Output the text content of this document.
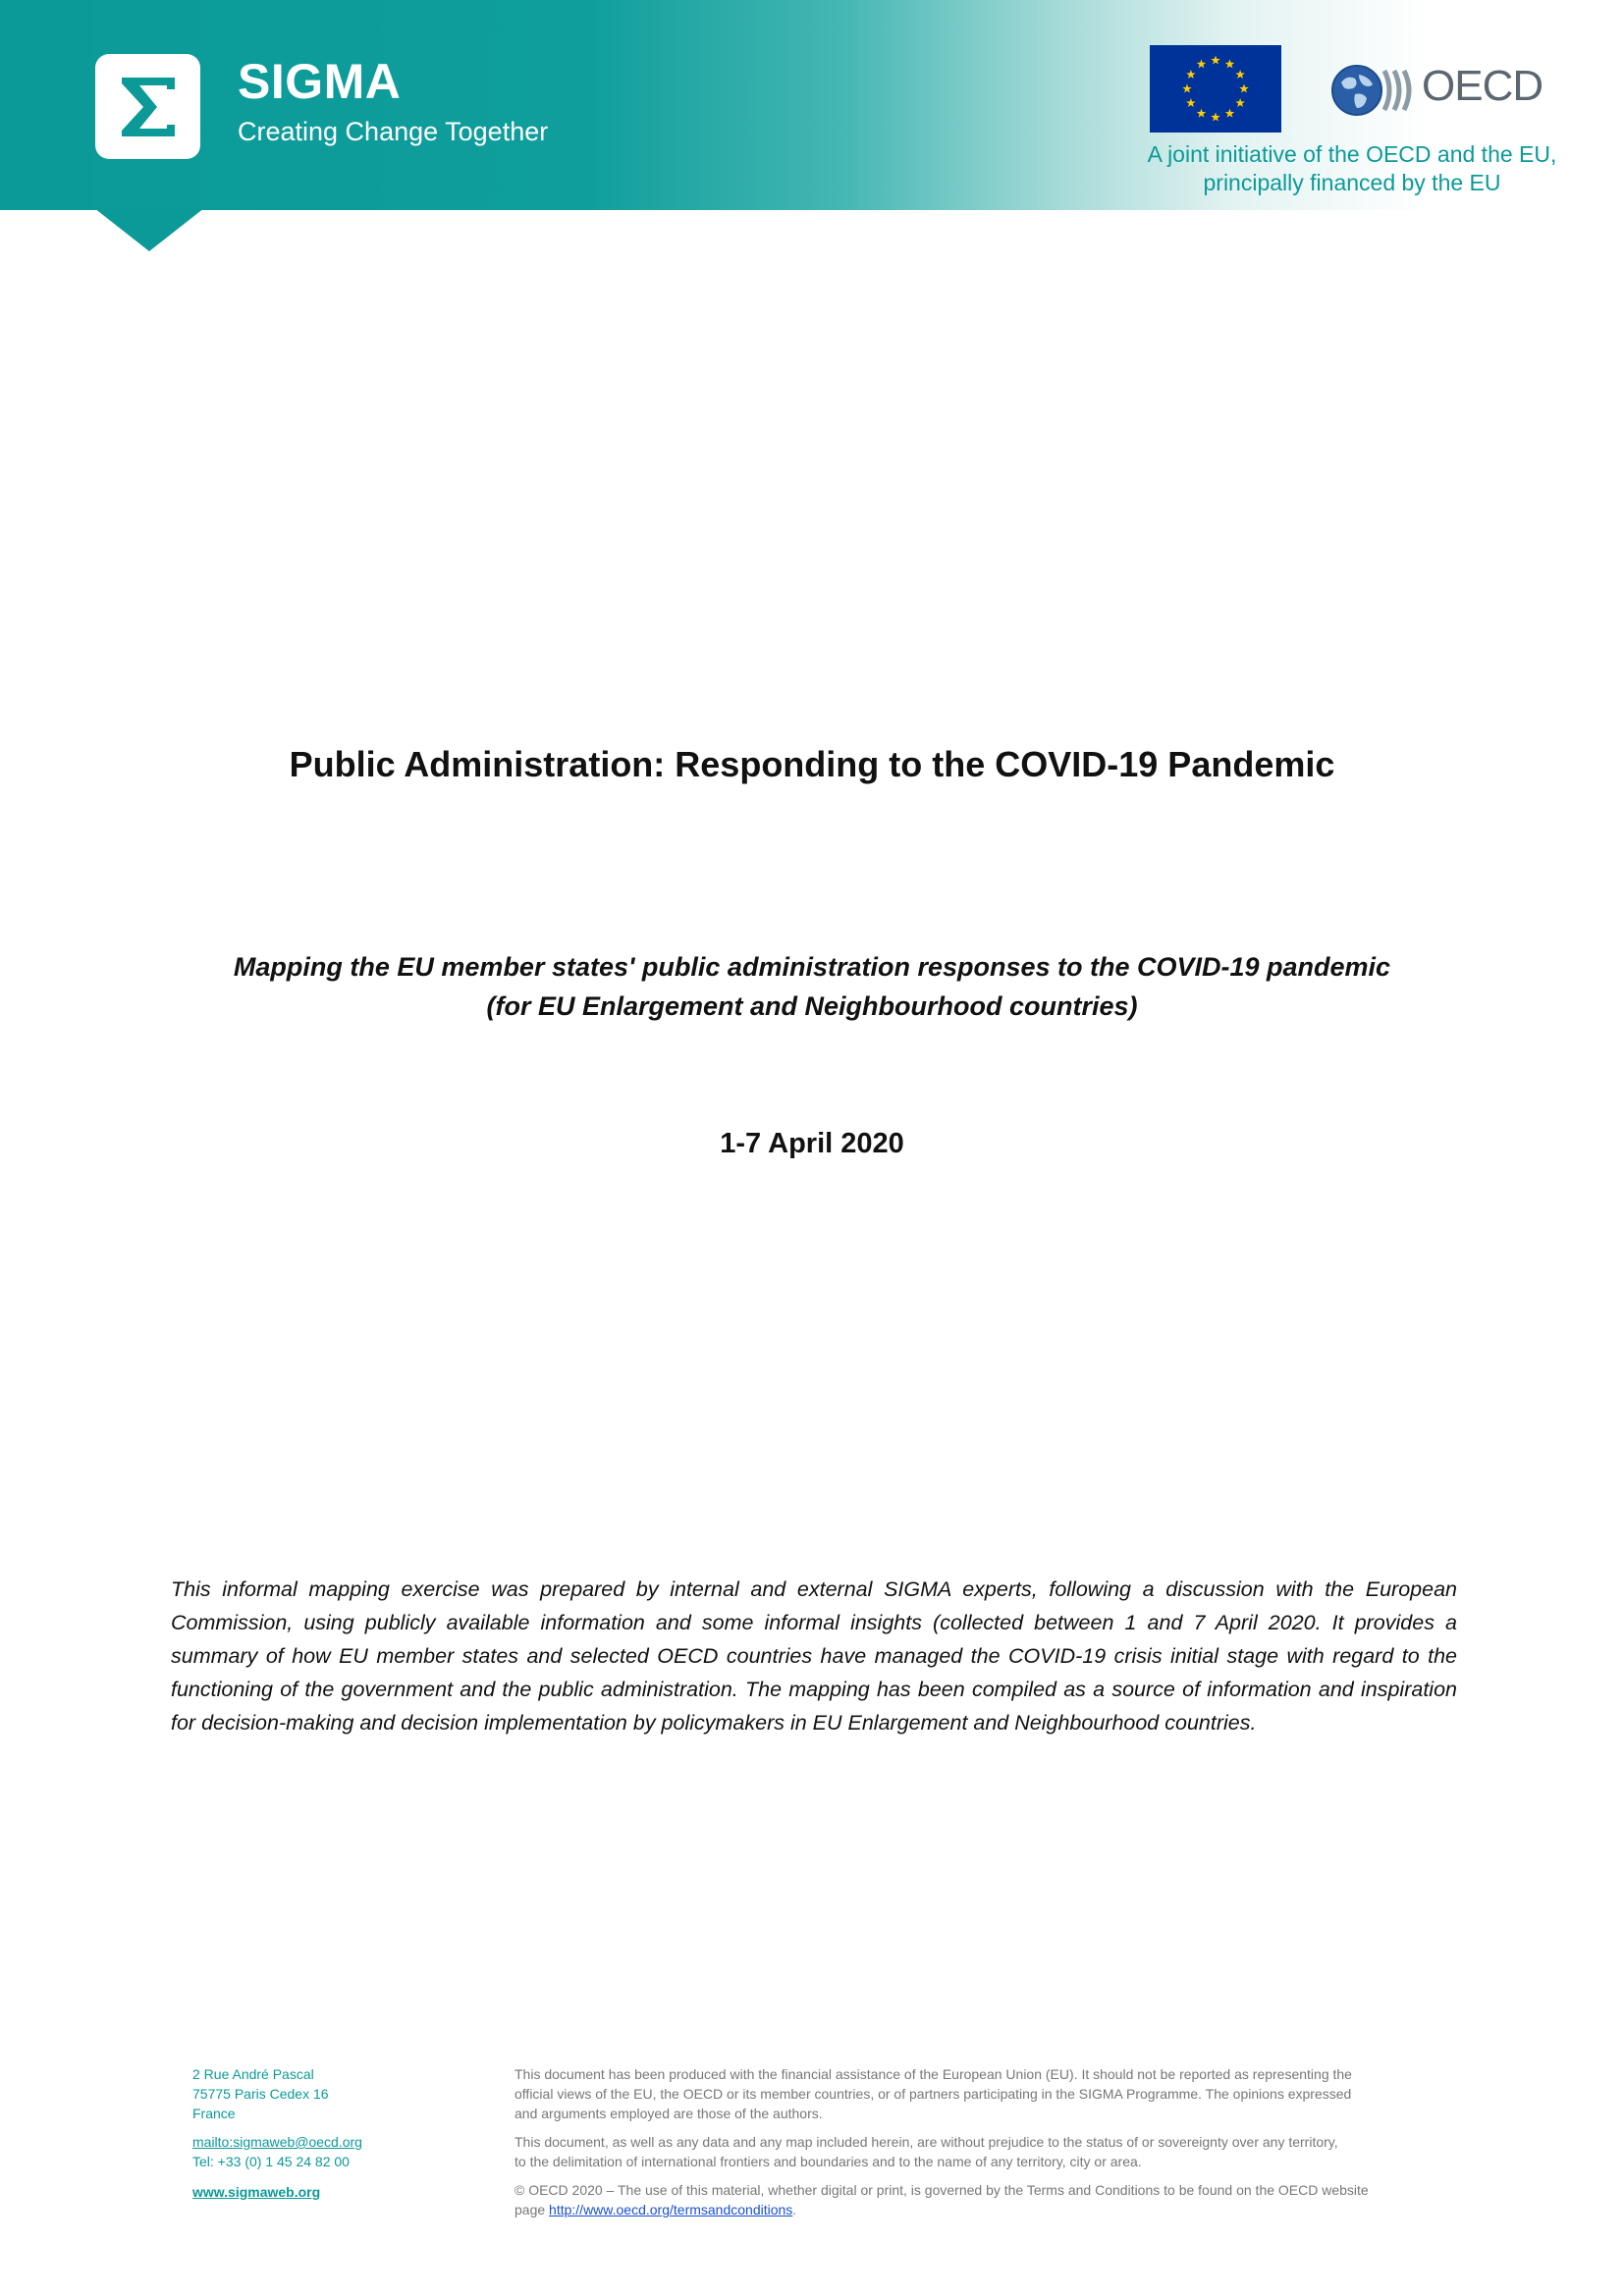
SIGMA
Creating Change Together
OECD
A joint initiative of the OECD and the EU,
principally financed by the EU
Public Administration: Responding to the COVID-19 Pandemic
Mapping the EU member states' public administration responses to the COVID-19 pandemic
(for EU Enlargement and Neighbourhood countries)
1-7 April 2020
This informal mapping exercise was prepared by internal and external SIGMA experts, following a discussion with the European Commission, using publicly available information and some informal insights (collected between 1 and 7 April 2020. It provides a summary of how EU member states and selected OECD countries have managed the COVID-19 crisis initial stage with regard to the functioning of the government and the public administration. The mapping has been compiled as a source of information and inspiration for decision-making and decision implementation by policymakers in EU Enlargement and Neighbourhood countries.
2 Rue André Pascal
75775 Paris Cedex 16
France
mailto:sigmaweb@oecd.org
Tel: +33 (0) 1 45 24 82 00
www.sigmaweb.org
This document has been produced with the financial assistance of the European Union (EU). It should not be reported as representing the
official views of the EU, the OECD or its member countries, or of partners participating in the SIGMA Programme. The opinions expressed
and arguments employed are those of the authors.
This document, as well as any data and any map included herein, are without prejudice to the status of or sovereignty over any territory,
to the delimitation of international frontiers and boundaries and to the name of any territory, city or area.
© OECD 2020 – The use of this material, whether digital or print, is governed by the Terms and Conditions to be found on the OECD website
page http://www.oecd.org/termsandconditions.
